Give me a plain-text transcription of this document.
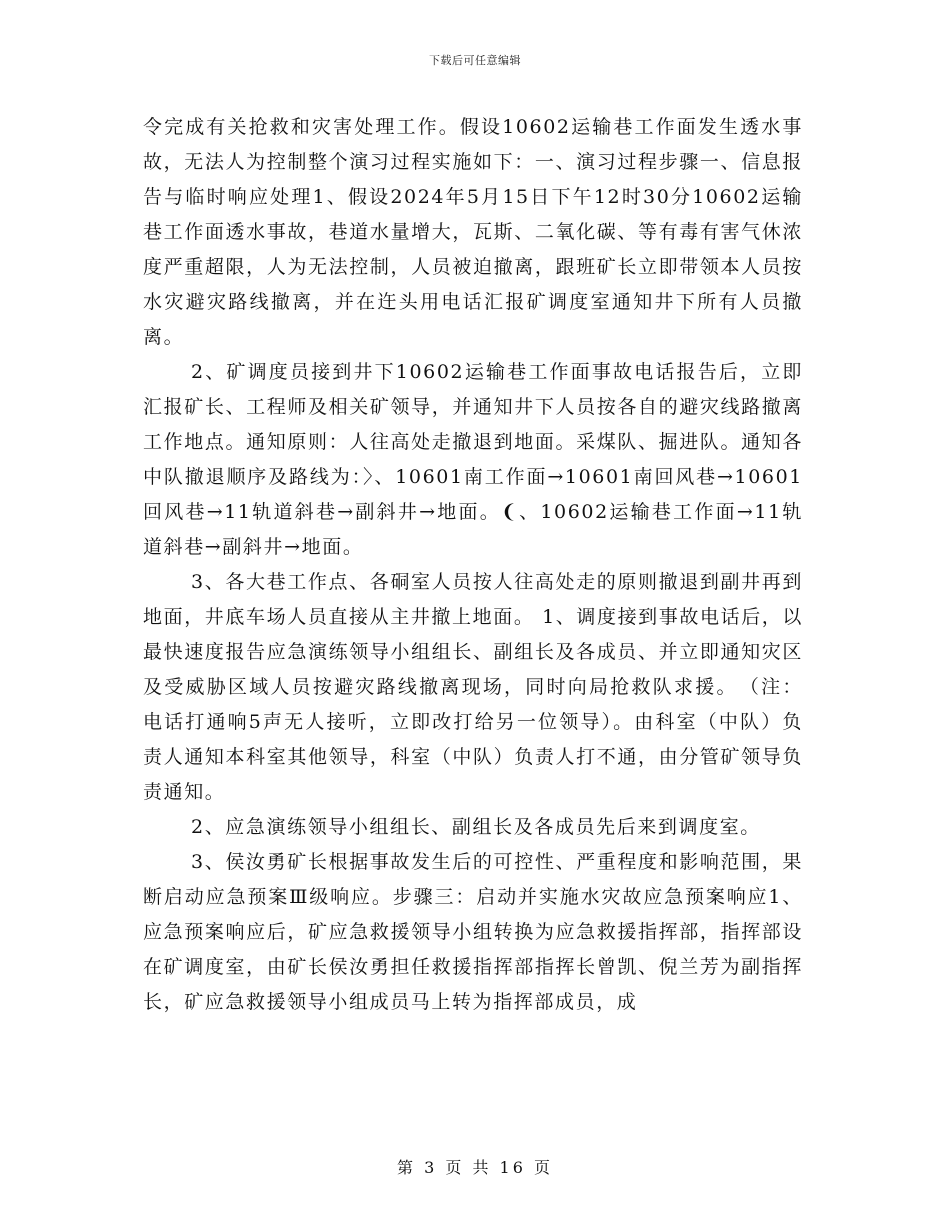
下载后可任意编辑

令完成有关抢救和灾害处理工作。假设10602运输巷工作面发生透水事故，无法人为控制整个演习过程实施如下：一、演习过程步骤一、信息报告与临时响应处理1、假设2024年5月15日下午12时30分10602运输巷工作面透水事故，巷道水量增大，瓦斯、二氧化碳、等有毒有害气休浓度严重超限，人为无法控制，人员被迫撤离，跟班矿长立即带领本人员按水灾避灾路线撤离，并在迕头用电话汇报矿调度室通知井下所有人员撤离。

2、矿调度员接到井下10602运输巷工作面事故电话报告后，立即汇报矿长、工程师及相关矿领导，并通知井下人员按各自的避灾线路撤离工作地点。通知原则：人往高处走撤退到地面。采煤队、掘进队。通知各中队撤退顺序及路线为：〉、10601南工作面→10601南回风巷→10601回风巷→11轨道斜巷→副斜井→地面。❨、10602运输巷工作面→11轨道斜巷→副斜井→地面。

3、各大巷工作点、各硐室人员按人往高处走的原则撤退到副井再到地面，井底车场人员直接从主井撤上地面。 1、调度接到事故电话后，以最快速度报告应急演练领导小组组长、副组长及各成员、并立即通知灾区及受威胁区域人员按避灾路线撤离现场，同时向局抢救队求援。　（注：电话打通响5声无人接听，立即改打给另一位领导）。由科室（中队）负责人通知本科室其他领导，科室（中队）负责人打不通，由分管矿领导负责通知。

2、应急演练领导小组组长、副组长及各成员先后来到调度室。

3、侯汝勇矿长根据事故发生后的可控性、严重程度和影响范围，果断启动应急预案Ⅲ级响应。步骤三：启动并实施水灾故应急预案响应1、应急预案响应后，矿应急救援领导小组转换为应急救援指挥部，指挥部设在矿调度室，由矿长侯汝勇担任救援指挥部指挥长曾凯、倪兰芳为副指挥长，矿应急救援领导小组成员马上转为指挥部成员，成

第 3 页 共 16 页
